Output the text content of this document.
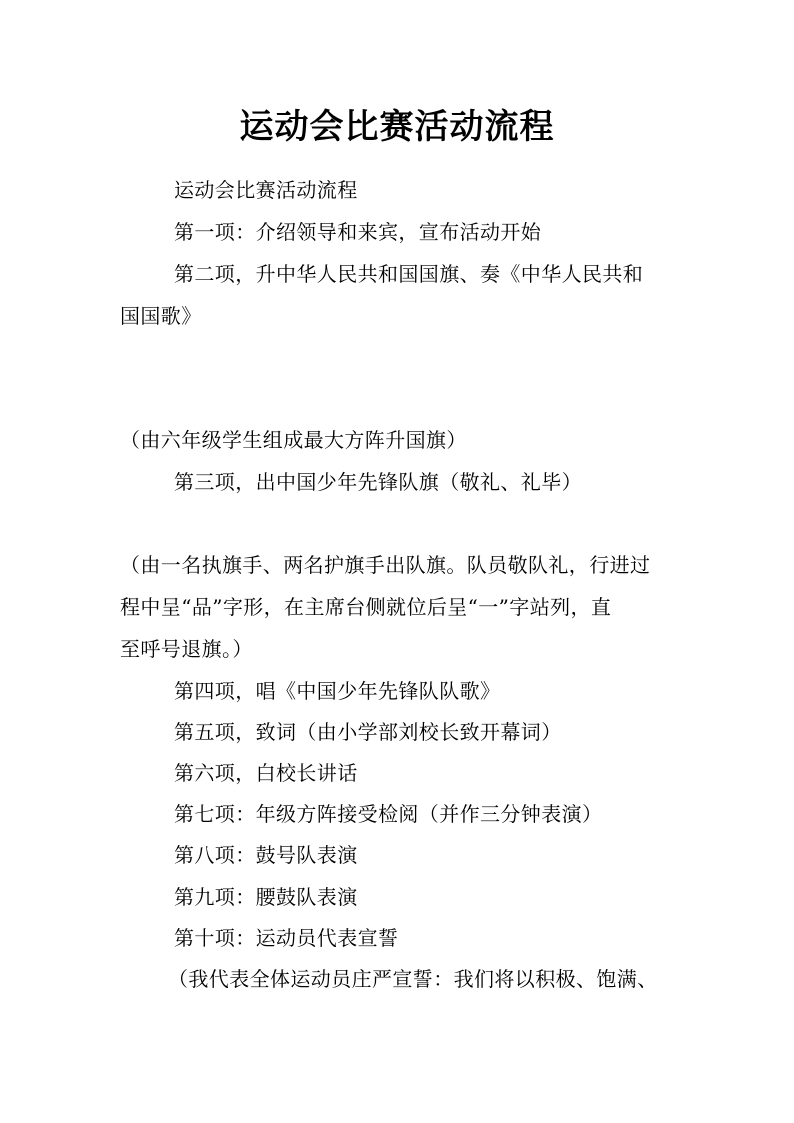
运动会比赛活动流程
运动会比赛活动流程
第一项：介绍领导和来宾，宣布活动开始
第二项，升中华人民共和国国旗、奏《中华人民共和
国国歌》
（由六年级学生组成最大方阵升国旗）
第三项，出中国少年先锋队旗（敬礼、礼毕）
（由一名执旗手、两名护旗手出队旗。队员敬队礼，行进过
程中呈“品”字形，在主席台侧就位后呈“一”字站列，直
至呼号退旗。）
第四项，唱《中国少年先锋队队歌》
第五项，致词（由小学部刘校长致开幕词）
第六项，白校长讲话
第七项：年级方阵接受检阅（并作三分钟表演）
第八项：鼓号队表演
第九项：腰鼓队表演
第十项：运动员代表宣誓
（我代表全体运动员庄严宣誓：我们将以积极、饱满、
